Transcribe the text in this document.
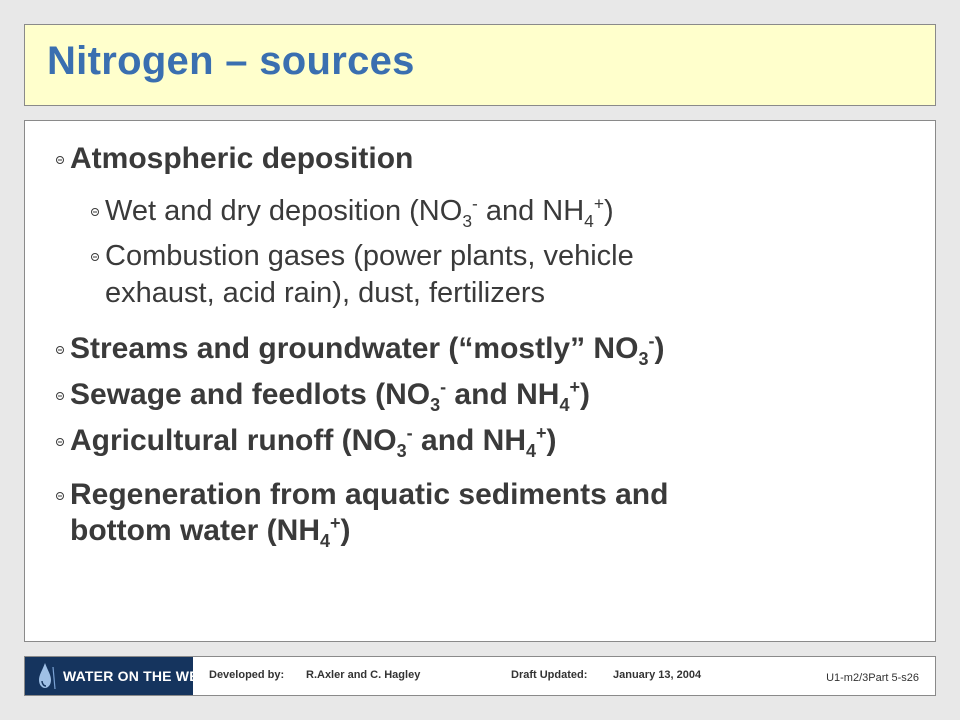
Nitrogen – sources
Atmospheric deposition
Wet and dry deposition ($NO_3^-$ and $NH_4^+$)
Combustion gases (power plants, vehicle
exhaust, acid rain), dust, fertilizers
Streams and groundwater (“mostly” $NO_3^-$)
Sewage and feedlots ($NO_3^-$ and $NH_4^+$)
Agricultural runoff ($NO_3^-$ and $NH_4^+$)
Regeneration from aquatic sediments and
bottom water $(NH_4^+)$
WATER ON THE WEB Developed by: R.Axler and C. Hagley	Draft Updated: January 13, 2004	U1-m2/3Part 5-s26
